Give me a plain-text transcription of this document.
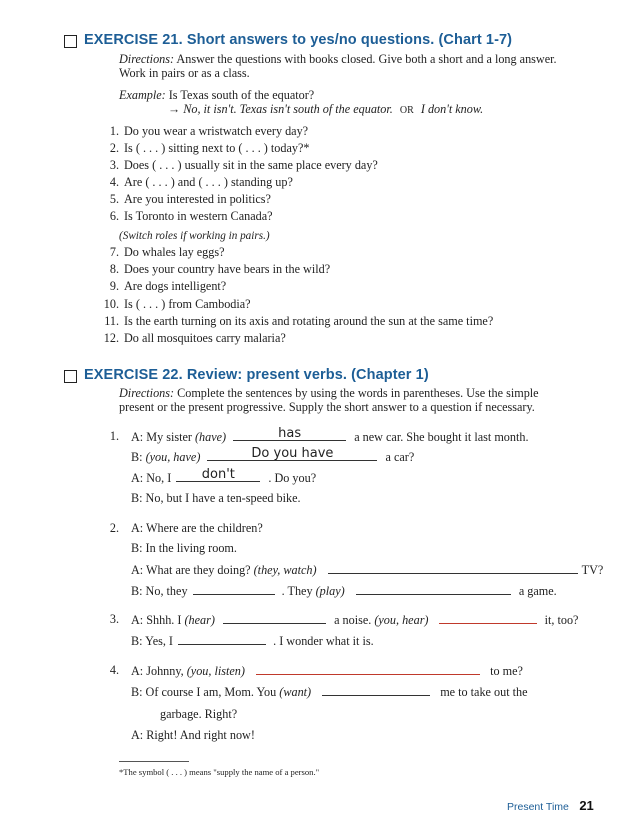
EXERCISE 21. Short answers to yes/no questions. (Chart 1-7)
Directions: Answer the questions with books closed. Give both a short and a long answer.
Work in pairs or as a class.
Example: Is Texas south of the equator?
→ No, it isn't. Texas isn't south of the equator. OR I don't know.
1. Do you wear a wristwatch every day?
2. Is ( . . . ) sitting next to ( . . . ) today?*
3. Does ( . . . ) usually sit in the same place every day?
4. Are ( . . . ) and ( . . . ) standing up?
5. Are you interested in politics?
6. Is Toronto in western Canada?
(Switch roles if working in pairs.)
7. Do whales lay eggs?
8. Does your country have bears in the wild?
9. Are dogs intelligent?
10. Is ( . . . ) from Cambodia?
11. Is the earth turning on its axis and rotating around the sun at the same time?
12. Do all mosquitoes carry malaria?
EXERCISE 22. Review: present verbs. (Chapter 1)
Directions: Complete the sentences by using the words in parentheses. Use the simple
present or the present progressive. Supply the short answer to a question if necessary.
1. A: My sister (have)	has	a new car. She bought it last month.
B: (you, have)	Do you have	a car?
A: No, I	don't	. Do you?
B: No, but I have a ten-speed bike.
2. A: Where are the children?
B: In the living room.
A: What are they doing? (they, watch)	TV?
B: No, they	. They (play)	a game.
3. A: Shhh. I (hear)	a noise. (you, hear)	it, too?
B: Yes, I	. I wonder what it is.
4. A: Johnny, (you, listen)	to me?
B: Of course I am, Mom. You (want)	me to take out the
garbage. Right?
A: Right! And right now!
*The symbol ( . . . ) means "supply the name of a person."
Present Time 21
